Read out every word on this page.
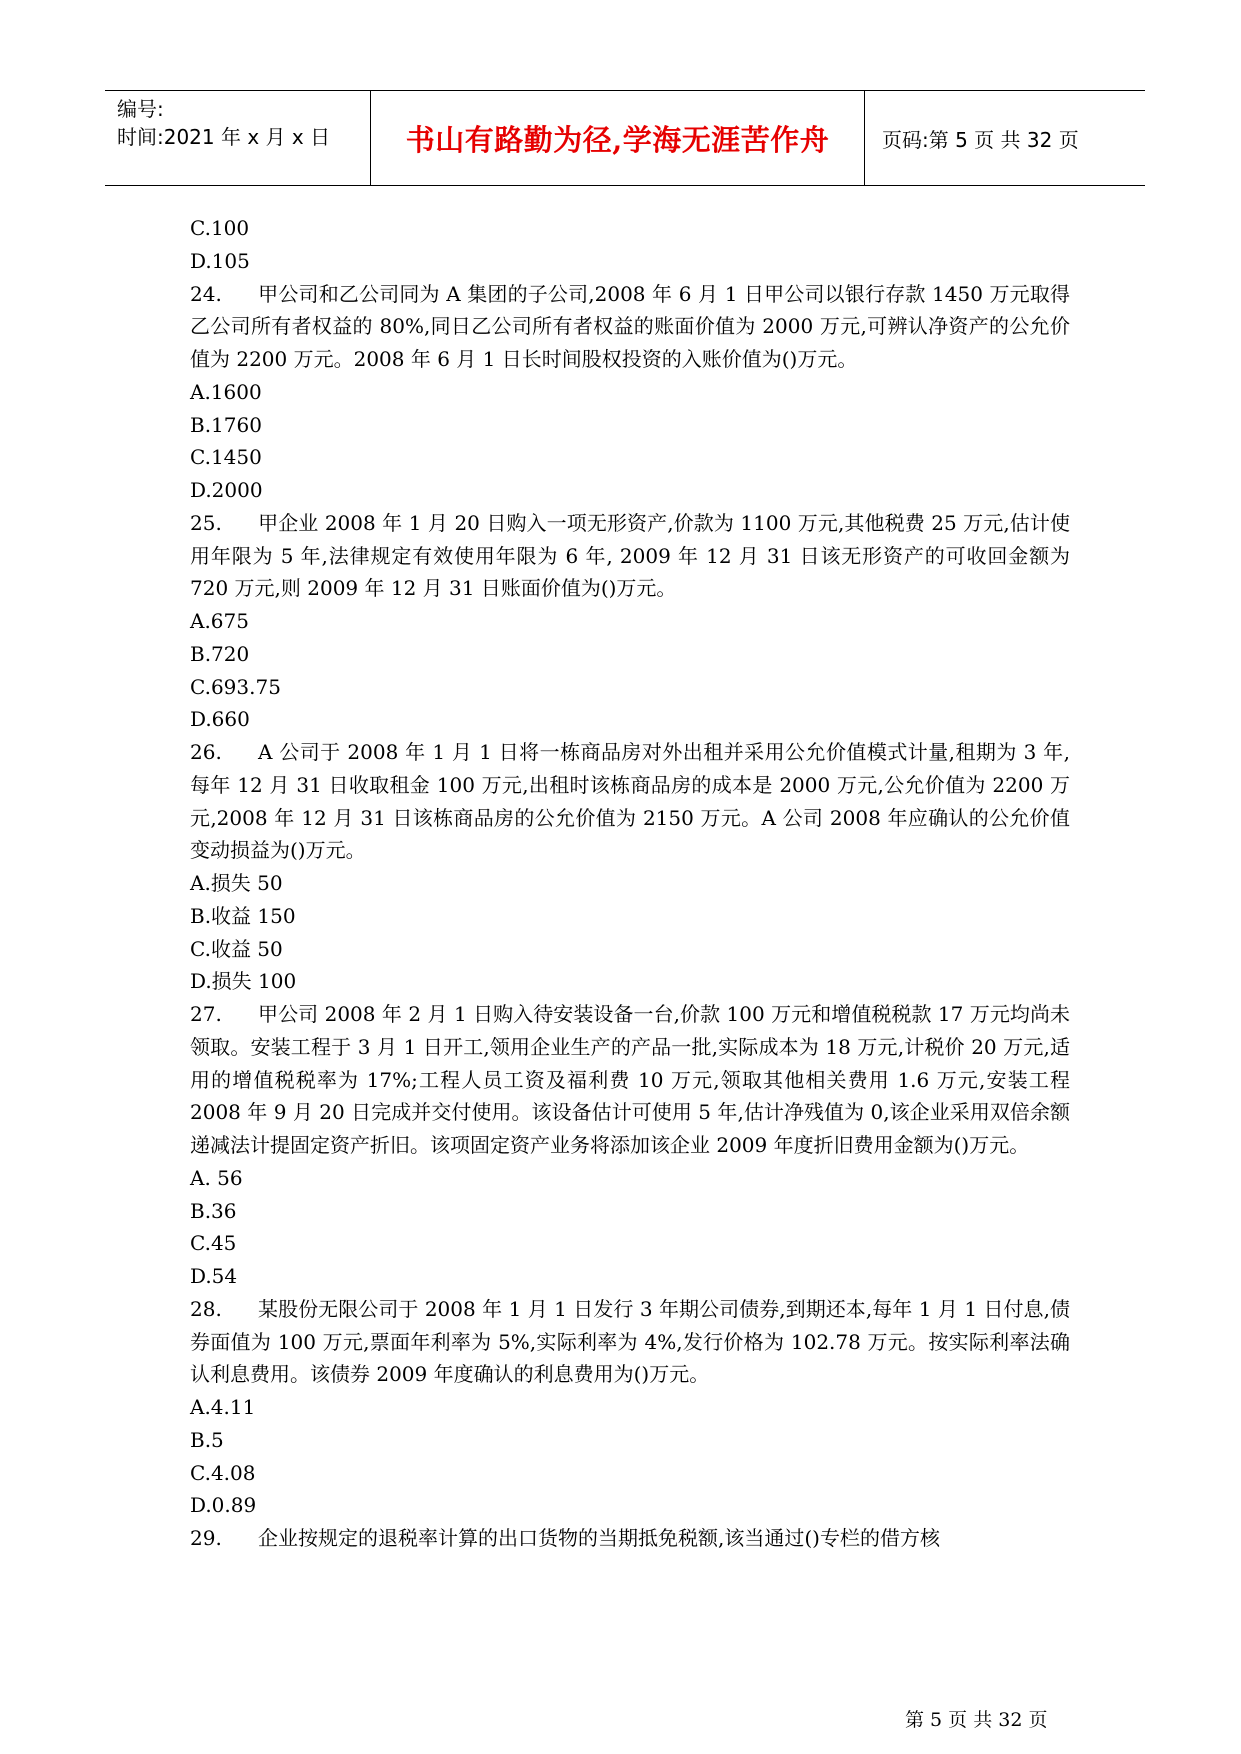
编号:
时间:2021 年 x 月 x 日	书山有路勤为径,学海无涯苦作舟	页码:第 5 页 共 32 页
C.100
D.105
24. 甲公司和乙公司同为 A 集团的子公司,2008 年 6 月 1 日甲公司以银行存款 1450 万元取得乙公司所有者权益的 80%,同日乙公司所有者权益的账面价值为 2000 万元,可辨认净资产的公允价值为 2200 万元。2008 年 6 月 1 日长时间股权投资的入账价值为()万元。
A.1600
B.1760
C.1450
D.2000
25. 甲企业 2008 年 1 月 20 日购入一项无形资产,价款为 1100 万元,其他税费 25 万元,估计使用年限为 5 年,法律规定有效使用年限为 6 年, 2009 年 12 月 31 日该无形资产的可收回金额为 720 万元,则 2009 年 12 月 31 日账面价值为()万元。
A.675
B.720
C.693.75
D.660
26. A 公司于 2008 年 1 月 1 日将一栋商品房对外出租并采用公允价值模式计量,租期为 3 年,每年 12 月 31 日收取租金 100 万元,出租时该栋商品房的成本是 2000 万元,公允价值为 2200 万元,2008 年 12 月 31 日该栋商品房的公允价值为 2150 万元。A 公司 2008 年应确认的公允价值变动损益为()万元。
A.损失 50
B.收益 150
C.收益 50
D.损失 100
27. 甲公司 2008 年 2 月 1 日购入待安装设备一台,价款 100 万元和增值税税款 17 万元均尚未领取。安装工程于 3 月 1 日开工,领用企业生产的产品一批,实际成本为 18 万元,计税价 20 万元,适用的增值税税率为 17%;工程人员工资及福利费 10 万元,领取其他相关费用 1.6 万元,安装工程 2008 年 9 月 20 日完成并交付使用。该设备估计可使用 5 年,估计净残值为 0,该企业采用双倍余额递减法计提固定资产折旧。该项固定资产业务将添加该企业 2009 年度折旧费用金额为()万元。
A. 56
B.36
C.45
D.54
28. 某股份无限公司于 2008 年 1 月 1 日发行 3 年期公司债券,到期还本,每年 1 月 1 日付息,债券面值为 100 万元,票面年利率为 5%,实际利率为 4%,发行价格为 102.78 万元。按实际利率法确认利息费用。该债券 2009 年度确认的利息费用为()万元。
A.4.11
B.5
C.4.08
D.0.89
29. 企业按规定的退税率计算的出口货物的当期抵免税额,该当通过()专栏的借方核
第 5 页 共 32 页
